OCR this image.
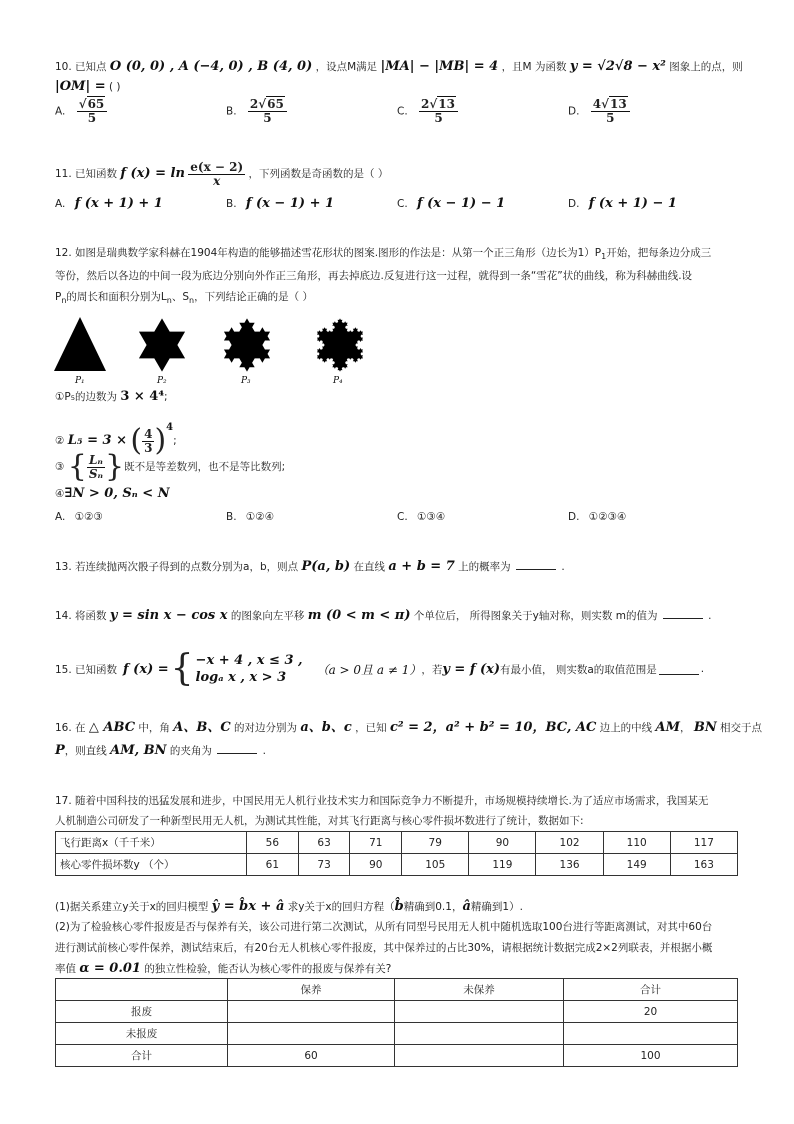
10. 已知点 O (0, 0) , A (−4, 0) , B (4, 0) ，设点M满足 |MA| − |MB| = 4 ，且M 为函数 y = √2√8 − x² 图象上的点，则
|OM| = ( )
A. $\frac{√65}{5}$	B. $\frac{2√65}{5}$	C. $\frac{2√13}{5}$	D. $\frac{4√13}{5}$
11. 已知函数 f $(x) = \ln \frac{e(x - 2)}{x}$ ，下列函数是奇函数的是（ ）
A. f (x + 1) + 1	B. f (x − 1) + 1	C. f (x − 1) − 1	D. f (x + 1) − 1
12. 如图是瑞典数学家科赫在1904年构造的能够描述雪花形状的图案.图形的作法是：从第一个正三角形（边长为$1)P_1$开始，把每条边分成三
等份，然后以各边的中间一段为底边分别向外作正三角形，再去掉底边.反复进行这一过程，就得到一条“雪花”状的曲线，称为科赫曲线.设
$P_n$的周长和面积分别为$L_n$、$S_n$，下列结论正确的是（ ）
P₁	P₂	P₃	P₄
①P₅的边数为 3 × 4⁴;
② L₅ = 3 × ( $\frac{4}{3} )^4$;
③ { $\frac{\text{Lₙ}}{\text{Sₙ}}$ }既不是等差数列，也不是等比数列;
④∃N > 0, Sₙ < N
A. ①②③	B. ①②④	C. ①③④	D. ①②③④
13. 若连续抛两次骰子得到的点数分别为a，b，则点 P(a, b) 在直线 a + b = 7 上的概率为	.
14. 将函数 y = sin x − cos x 的图象向左平移 m (0 < m < π) 个单位后， 所得图象关于y轴对称，则实数 m的值为	.
15. 已知函数 f (x) = { −x + 4 , x ≤ 3 ,
logₐ x , x > 3
（a > 0且 a ≠ 1） ，若 y = f (x) 有最小值， 则实数a的取值范围是	.
16. 在 △ ABC 中，角 A、B、C 的对边分别为 a、b、c ，已知 c² = 2，a² + b² = 10，BC, AC 边上的中线 AM， BN 相交于点
P，则直线 AM, BN 的夹角为	.
17. 随着中国科技的迅猛发展和进步，中国民用无人机行业技术实力和国际竞争力不断提升，市场规模持续增长.为了适应市场需求，我国某无
人机制造公司研发了一种新型民用无人机，为测试其性能，对其飞行距离与核心零件损坏数进行了统计，数据如下:
飞行距离x（千千米）	56	63	71	79	90	102	110	117
核心零件损坏数y （个）	61	73	90	105	119	136	149	163
(1)据关系建立y关于x的回归模型 ŷ = b̂x + â 求y关于x的回归方程（b̂精确到0.1，â精确到1）.
(2)为了检验核心零件报废是否与保养有关，该公司进行第二次测试，从所有同型号民用无人机中随机选取100台进行等距离测试，对其中60台
进行测试前核心零件保养，测试结束后，有20台无人机核心零件报废，其中保养过的占比30%，请根据统计数据完成2×2列联表，并根据小概
率值 α = 0.01 的独立性检验，能否认为核心零件的报废与保养有关?
	保养	未保养	合计
报废			20
未报废			
合计	60		100
